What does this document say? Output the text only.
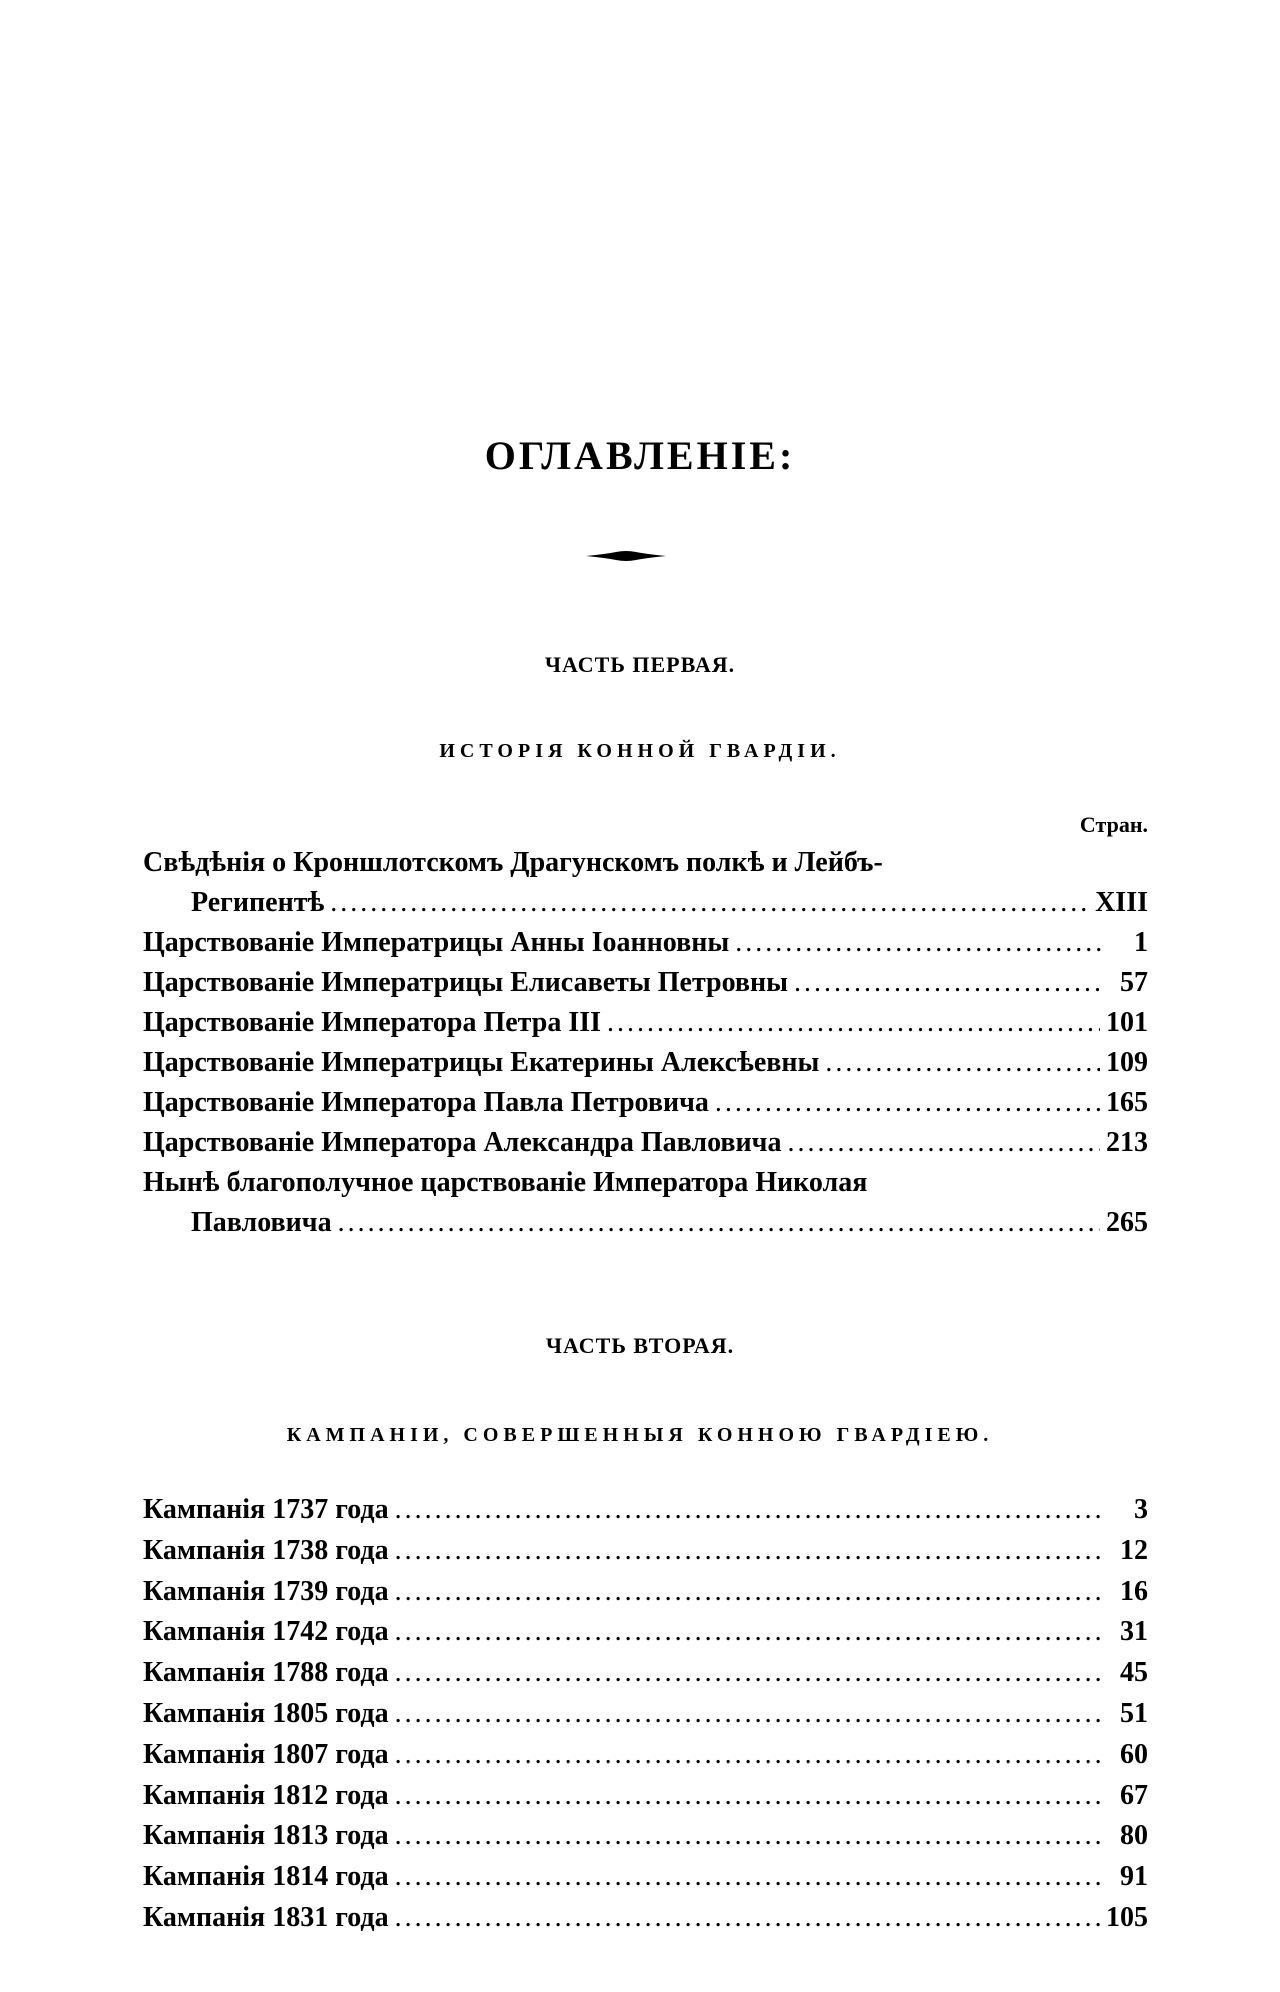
ОГЛАВЛЕНІЕ:
ЧАСТЬ ПЕРВАЯ.
ИСТОРІЯ КОННОЙ ГВАРДІИ.
Стран.
Свѣдѣнія о Кроншлотскомъ Драгунскомъ полкѣ и Лейбъ-
Регипентѣ .....	XIII
Царствованіе Императрицы Анны Іоанновны .....	1
Царствованіе Императрицы Елисаветы Петровны .....	57
Царствованіе Императора Петра III .....	101
Царствованіе Императрицы Екатерины Алексѣевны .....	109
Царствованіе Императора Павла Петровича .....	165
Царствованіе Императора Александра Павловича .....	213
Нынѣ благополучное царствованіе Императора Николая
Павловича .....	265
ЧАСТЬ ВТОРАЯ.
КАМПАНІИ, СОВЕРШЕННЫЯ КОННОЮ ГВАРДІЕЮ.
Кампанія 1737 года .....	3
Кампанія 1738 года .....	12
Кампанія 1739 года .....	16
Кампанія 1742 года .....	31
Кампанія 1788 года .....	45
Кампанія 1805 года .....	51
Кампанія 1807 года .....	60
Кампанія 1812 года .....	67
Кампанія 1813 года .....	80
Кампанія 1814 года .....	91
Кампанія 1831 года .....	105
